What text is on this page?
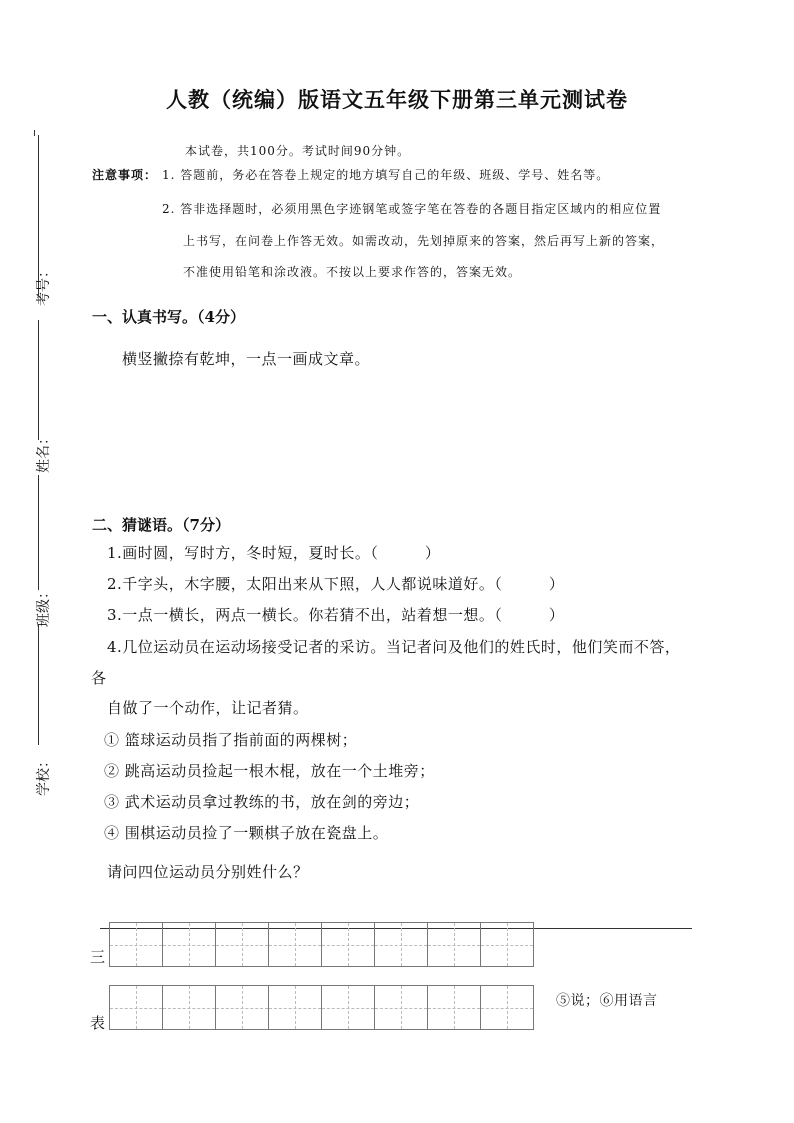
人教（统编）版语文五年级下册第三单元测试卷
本试卷，共100分。考试时间90分钟。
注意事项： 1. 答题前，务必在答卷上规定的地方填写自己的年级、班级、学号、姓名等。
2. 答非选择题时，必须用黑色字迹钢笔或签字笔在答卷的各题目指定区域内的相应位置
上书写，在问卷上作答无效。如需改动，先划掉原来的答案，然后再写上新的答案，
不准使用铅笔和涂改液。不按以上要求作答的，答案无效。
考号：
姓名：
班级：
学校：
一、认真书写。（4分）
横竖撇捺有乾坤，一点一画成文章。
二、猜谜语。（7分）
1.画时圆，写时方，冬时短，夏时长。（　　　）
2.千字头，木字腰，太阳出来从下照，人人都说味道好。（　　　）
3.一点一横长，两点一横长。你若猜不出，站着想一想。（　　　）
4.几位运动员在运动场接受记者的采访。当记者问及他们的姓氏时，他们笑而不答，
各
自做了一个动作，让记者猜。
① 篮球运动员指了指前面的两棵树；
② 跳高运动员捡起一根木棍，放在一个土堆旁；
③ 武术运动员拿过教练的书，放在剑的旁边；
④ 围棋运动员捡了一颗棋子放在瓷盘上。
请问四位运动员分别姓什么？
三
表
⑤说；⑥用语言
